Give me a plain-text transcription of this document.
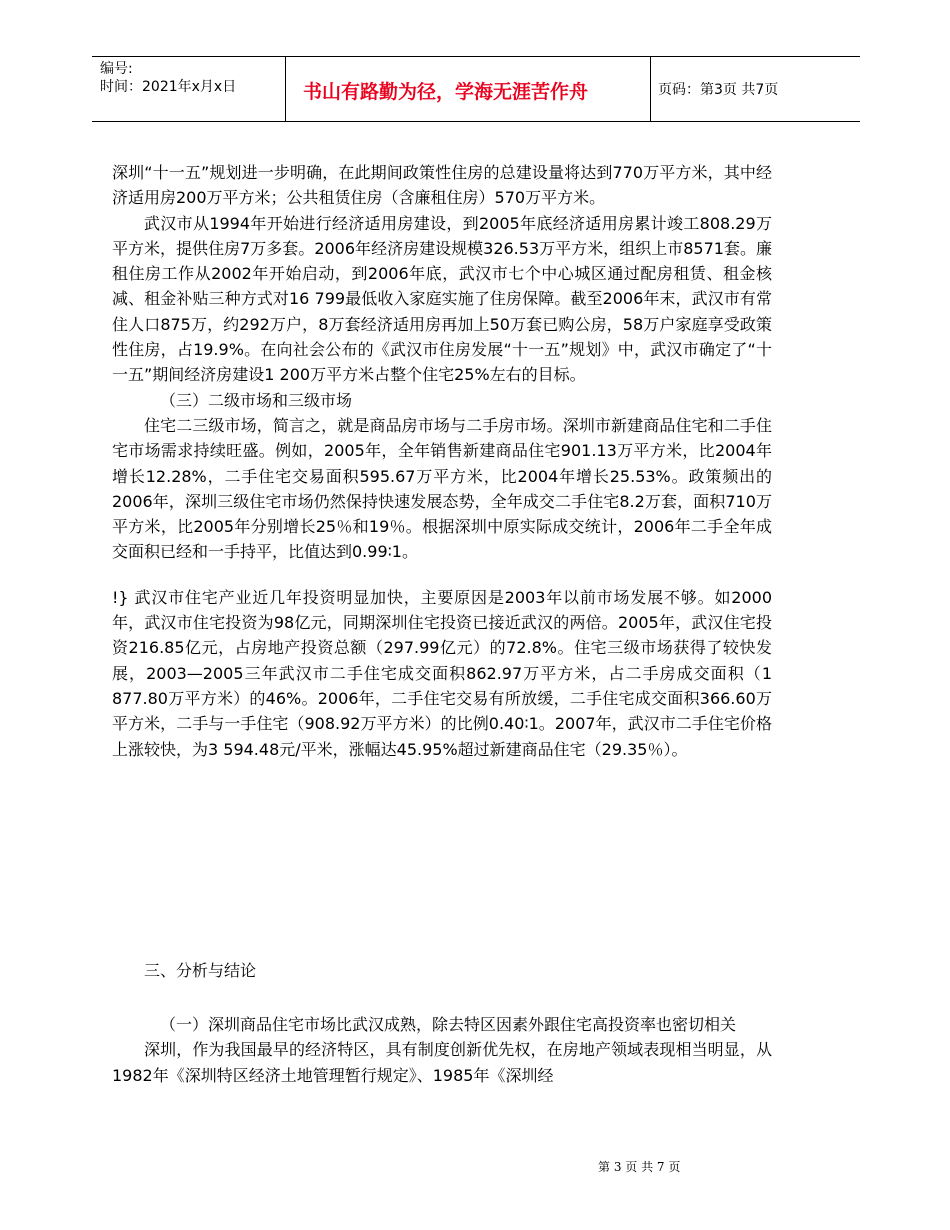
编号:
时间：2021年x月x日	书山有路勤为径，学海无涯苦作舟	页码：第3页 共7页

深圳“十一五”规划进一步明确，在此期间政策性住房的总建设量将达到770万平方米，其中经济适用房200万平方米；公共租赁住房（含廉租住房）570万平方米。

武汉市从1994年开始进行经济适用房建设，到2005年底经济适用房累计竣工808.29万平方米，提供住房7万多套。2006年经济房建设规模326.53万平方米，组织上市8571套。廉租住房工作从2002年开始启动，到2006年底，武汉市七个中心城区通过配房租赁、租金核减、租金补贴三种方式对16 799最低收入家庭实施了住房保障。截至2006年末，武汉市有常住人口875万，约292万户，8万套经济适用房再加上50万套已购公房，58万户家庭享受政策性住房，占19.9%。在向社会公布的《武汉市住房发展“十一五”规划》中，武汉市确定了“十一五”期间经济房建设1 200万平方米占整个住宅25%左右的目标。

（三）二级市场和三级市场

住宅二三级市场，简言之，就是商品房市场与二手房市场。深圳市新建商品住宅和二手住宅市场需求持续旺盛。例如，2005年，全年销售新建商品住宅901.13万平方米，比2004年增长12.28%，二手住宅交易面积595.67万平方米，比2004年增长25.53%。政策频出的2006年，深圳三级住宅市场仍然保持快速发展态势，全年成交二手住宅8.2万套，面积710万平方米，比2005年分别增长25％和19％。根据深圳中原实际成交统计，2006年二手全年成交面积已经和一手持平，比值达到0.99∶1。

!} 武汉市住宅产业近几年投资明显加快，主要原因是2003年以前市场发展不够。如2000年，武汉市住宅投资为98亿元，同期深圳住宅投资已接近武汉的两倍。2005年，武汉住宅投资216.85亿元，占房地产投资总额（297.99亿元）的72.8%。住宅三级市场获得了较快发展，2003—2005三年武汉市二手住宅成交面积862.97万平方米，占二手房成交面积（1 877.80万平方米）的46%。2006年，二手住宅交易有所放缓，二手住宅成交面积366.60万平方米，二手与一手住宅（908.92万平方米）的比例0.40∶1。2007年，武汉市二手住宅价格上涨较快，为3 594.48元/平米，涨幅达45.95%超过新建商品住宅（29.35％）。

三、分析与结论

（一）深圳商品住宅市场比武汉成熟，除去特区因素外跟住宅高投资率也密切相关

深圳，作为我国最早的经济特区，具有制度创新优先权，在房地产领域表现相当明显，从1982年《深圳特区经济土地管理暂行规定》、1985年《深圳经

第 3 页 共 7 页
